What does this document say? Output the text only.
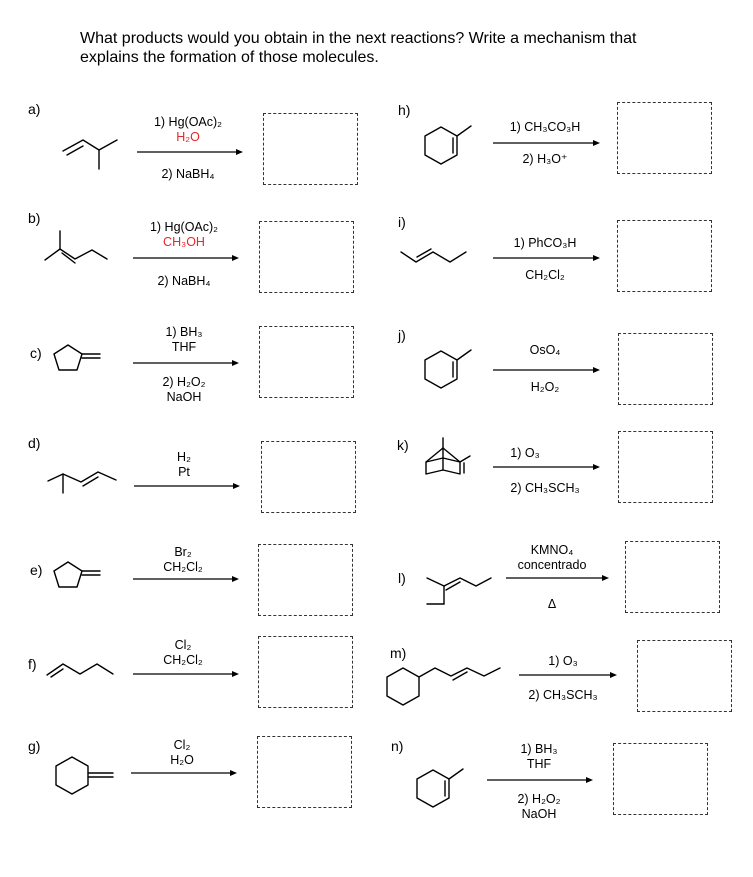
What products would you obtain in the next reactions? Write a mechanism that
explains the formation of those molecules.
a)
b)
c)
d)
e)
f)
g)
h)
i)
j)
k)
l)
m)
n)
1) Hg(OAc)₂
H₂O
2) NaBH₄
1) Hg(OAc)₂
CH₃OH
2) NaBH₄
1) BH₃
THF
2) H₂O₂
NaOH
H₂
Pt
Br₂
CH₂Cl₂
Cl₂
CH₂Cl₂
Cl₂
H₂O
1) CH₃CO₃H
2) H₃O⁺
1) PhCO₃H
CH₂Cl₂
OsO₄
H₂O₂
1) O₃
2) CH₃SCH₃
KMNO₄
concentrado
Δ
1) O₃
2) CH₃SCH₃
1) BH₃
THF
2) H₂O₂
NaOH
